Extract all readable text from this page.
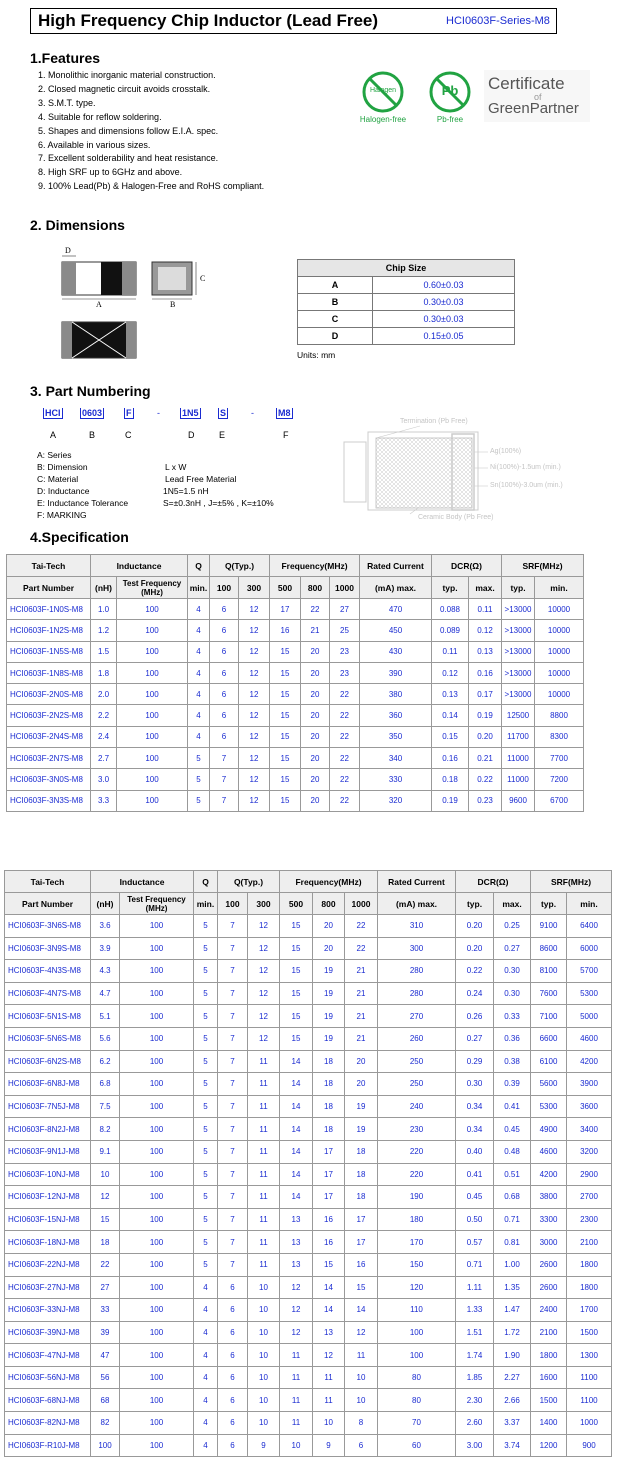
High Frequency Chip Inductor (Lead Free)	HCI0603F-Series-M8
1.Features
1. Monolithic inorganic material construction.
2. Closed magnetic circuit avoids crosstalk.
3. S.M.T. type.
4. Suitable for reflow soldering.
5. Shapes and dimensions follow E.I.A. spec.
6. Available in various sizes.
7. Excellent solderability and heat resistance.
8. High SRF up to 6GHz and above.
9. 100% Lead(Pb) & Halogen-Free and RoHS compliant.
Halogen
Halogen-free
Pb
Pb-free
Certificate
of
GreenPartner
2. Dimensions
D
A	B
C
Chip Size	
A	0.60±0.03
B	0.30±0.03
C	0.30±0.03
D	0.15±0.05
Units: mm
3. Part Numbering
HCI 0603	F	- 1N5 S	-	M8
A	B	C	D	E	F
A: Series
B: Dimension	L x W
C: Material	Lead Free Material
D: Inductance	1N5=1.5 nH
E: Inductance Tolerance	S=±0.3nH , J=±5% , K=±10%
F: MARKING
Termination (Pb Free)
Ag(100%)
Ni(100%)-1.5um (min.)
Sn(100%)-3.0um (min.)
Ceramic Body (Pb Free)
4.Specification
Tai-Tech	Inductance		Q	Q(Typ.)		Frequency(MHz)			Rated Current	DCR(Ω)		SRF(MHz)	
Part Number	(nH)	Test Frequency (MHz)	min.	100	300	500	800	1000	(mA) max.	typ.	max.	typ.	min.
HCI0603F-1N0S-M8	1.0	100	4	6	12	17	22	27	470	0.088	0.11	>13000	10000
HCI0603F-1N2S-M8	1.2	100	4	6	12	16	21	25	450	0.089	0.12	>13000	10000
HCI0603F-1N5S-M8	1.5	100	4	6	12	15	20	23	430	0.11	0.13	>13000	10000
HCI0603F-1N8S-M8	1.8	100	4	6	12	15	20	23	390	0.12	0.16	>13000	10000
HCI0603F-2N0S-M8	2.0	100	4	6	12	15	20	22	380	0.13	0.17	>13000	10000
HCI0603F-2N2S-M8	2.2	100	4	6	12	15	20	22	360	0.14	0.19	12500	8800
HCI0603F-2N4S-M8	2.4	100	4	6	12	15	20	22	350	0.15	0.20	11700	8300
HCI0603F-2N7S-M8	2.7	100	5	7	12	15	20	22	340	0.16	0.21	11000	7700
HCI0603F-3N0S-M8	3.0	100	5	7	12	15	20	22	330	0.18	0.22	11000	7200
HCI0603F-3N3S-M8	3.3	100	5	7	12	15	20	22	320	0.19	0.23	9600	6700
Tai-Tech	Inductance		Q	Q(Typ.)		Frequency(MHz)			Rated Current	DCR(Ω)		SRF(MHz)	
Part Number	(nH)	Test Frequency (MHz)	min.	100	300	500	800	1000	(mA) max.	typ.	max.	typ.	min.
HCI0603F-3N6S-M8	3.6	100	5	7	12	15	20	22	310	0.20	0.25	9100	6400
HCI0603F-3N9S-M8	3.9	100	5	7	12	15	20	22	300	0.20	0.27	8600	6000
HCI0603F-4N3S-M8	4.3	100	5	7	12	15	19	21	280	0.22	0.30	8100	5700
HCI0603F-4N7S-M8	4.7	100	5	7	12	15	19	21	280	0.24	0.30	7600	5300
HCI0603F-5N1S-M8	5.1	100	5	7	12	15	19	21	270	0.26	0.33	7100	5000
HCI0603F-5N6S-M8	5.6	100	5	7	12	15	19	21	260	0.27	0.36	6600	4600
HCI0603F-6N2S-M8	6.2	100	5	7	11	14	18	20	250	0.29	0.38	6100	4200
HCI0603F-6N8J-M8	6.8	100	5	7	11	14	18	20	250	0.30	0.39	5600	3900
HCI0603F-7N5J-M8	7.5	100	5	7	11	14	18	19	240	0.34	0.41	5300	3600
HCI0603F-8N2J-M8	8.2	100	5	7	11	14	18	19	230	0.34	0.45	4900	3400
HCI0603F-9N1J-M8	9.1	100	5	7	11	14	17	18	220	0.40	0.48	4600	3200
HCI0603F-10NJ-M8	10	100	5	7	11	14	17	18	220	0.41	0.51	4200	2900
HCI0603F-12NJ-M8	12	100	5	7	11	14	17	18	190	0.45	0.68	3800	2700
HCI0603F-15NJ-M8	15	100	5	7	11	13	16	17	180	0.50	0.71	3300	2300
HCI0603F-18NJ-M8	18	100	5	7	11	13	16	17	170	0.57	0.81	3000	2100
HCI0603F-22NJ-M8	22	100	5	7	11	13	15	16	150	0.71	1.00	2600	1800
HCI0603F-27NJ-M8	27	100	4	6	10	12	14	15	120	1.11	1.35	2600	1800
HCI0603F-33NJ-M8	33	100	4	6	10	12	14	14	110	1.33	1.47	2400	1700
HCI0603F-39NJ-M8	39	100	4	6	10	12	13	12	100	1.51	1.72	2100	1500
HCI0603F-47NJ-M8	47	100	4	6	10	11	12	11	100	1.74	1.90	1800	1300
HCI0603F-56NJ-M8	56	100	4	6	10	11	11	10	80	1.85	2.27	1600	1100
HCI0603F-68NJ-M8	68	100	4	6	10	11	11	10	80	2.30	2.66	1500	1100
HCI0603F-82NJ-M8	82	100	4	6	10	11	10	8	70	2.60	3.37	1400	1000
HCI0603F-R10J-M8	100	100	4	6	9	10	9	6	60	3.00	3.74	1200	900
